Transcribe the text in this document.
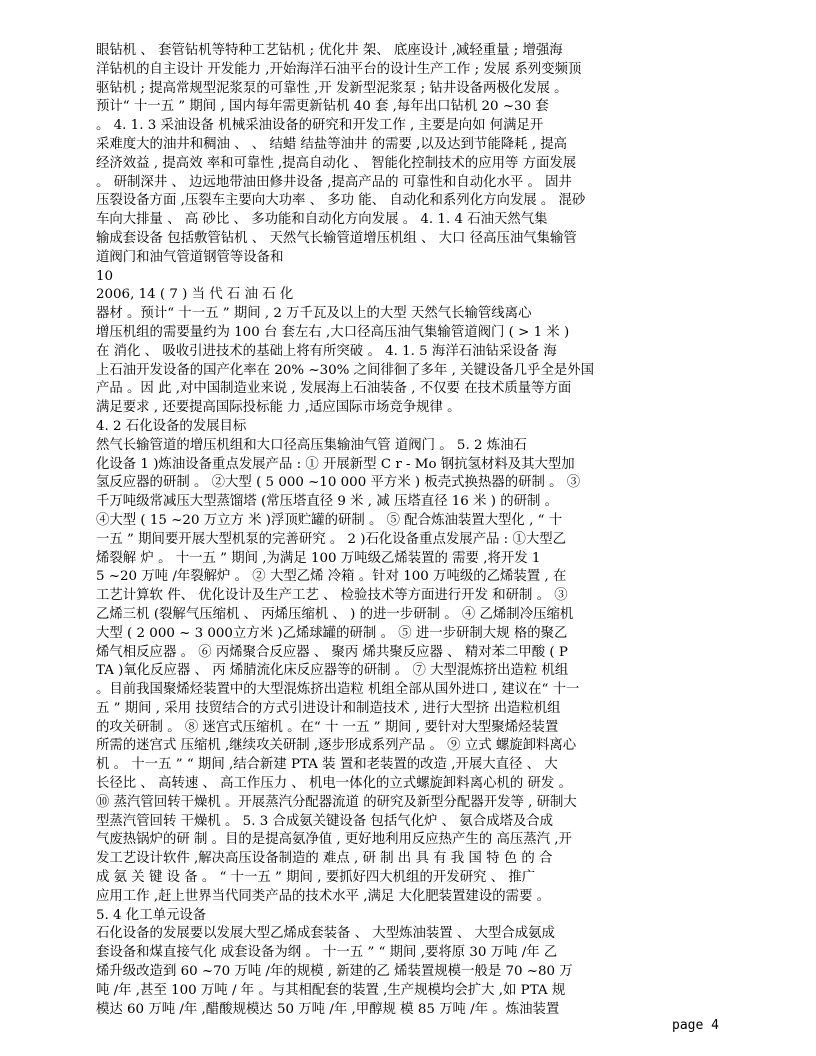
眼钻机 、 套管钻机等特种工艺钻机 ; 优化井 架、 底座设计 ,减轻重量 ; 增强海
洋钻机的自主设计 开发能力 ,开始海洋石油平台的设计生产工作 ; 发展 系列变频顶
驱钻机 ; 提高常规型泥浆泵的可靠性 ,开 发新型泥浆泵 ; 钻井设备两极化发展 。
预计“ 十一五 ” 期间 , 国内每年需更新钻机 40 套 ,每年出口钻机 20 ~30 套
。 4. 1. 3 采油设备 机械采油设备的研究和开发工作 , 主要是向如 何满足开
采难度大的油井和稠油 、 、 结蜡 结盐等油井 的需要 ,以及达到节能降耗 , 提高
经济效益 , 提高效 率和可靠性 ,提高自动化 、 智能化控制技术的应用等 方面发展
。 研制深井 、 边远地带油田修井设备 ,提高产品的 可靠性和自动化水平 。 固井
压裂设备方面 ,压裂车主要向大功率 、 多功 能、 自动化和系列化方向发展 。 混砂
车向大排量 、 高 砂比 、 多功能和自动化方向发展 。 4. 1. 4 石油天然气集
输成套设备 包括敷管钻机 、 天然气长输管道增压机组 、 大口 径高压油气集输管
道阀门和油气管道钢管等设备和
10
2006, 14 ( 7 ) 当 代 石 油 石 化
器材 。预计“ 十一五 ” 期间 , 2 万千瓦及以上的大型 天然气长输管线离心
增压机组的需要量约为 100 台 套左右 ,大口径高压油气集输管道阀门 ( > 1 米 )
在 消化 、 吸收引进技术的基础上将有所突破 。 4. 1. 5 海洋石油钻采设备 海
上石油开发设备的国产化率在 20% ~30% 之间徘徊了多年 , 关键设备几乎全是外国
产品 。因 此 ,对中国制造业来说 , 发展海上石油装备 , 不仅要 在技术质量等方面
满足要求 , 还要提高国际投标能 力 ,适应国际市场竞争规律 。
4. 2 石化设备的发展目标
然气长输管道的增压机组和大口径高压集输油气管 道阀门 。 5. 2 炼油石
化设备 1 )炼油设备重点发展产品 : ① 开展新型 C r - Mo 钢抗氢材料及其大型加
氢反应器的研制 。 ②大型 ( 5 000 ~10 000 平方米 ) 板壳式换热器的研制 。 ③
千万吨级常减压大型蒸馏塔 (常压塔直径 9 米 , 减 压塔直径 16 米 ) 的研制 。
④大型 ( 15 ~20 万立方 米 )浮顶贮罐的研制 。 ⑤ 配合炼油装置大型化 , “ 十
一五 ” 期间要开展大型机泵的完善研究 。 2 )石化设备重点发展产品 : ①大型乙
烯裂解 炉 。 十一五 ” 期间 ,为满足 100 万吨级乙烯装置的 需要 ,将开发 1
5 ~20 万吨 /年裂解炉 。 ② 大型乙烯 冷箱 。针对 100 万吨级的乙烯装置 , 在
工艺计算软 件、 优化设计及生产工艺 、 检验技术等方面进行开发 和研制 。 ③
乙烯三机 (裂解气压缩机 、 丙烯压缩机 、 ) 的进一步研制 。 ④ 乙烯制冷压缩机
大型 ( 2 000 ~ 3 000立方米 )乙烯球罐的研制 。 ⑤ 进一步研制大规 格的聚乙
烯气相反应器 。 ⑥ 丙烯聚合反应器 、 聚丙 烯共聚反应器 、 精对苯二甲酸 ( P
TA )氧化反应器 、 丙 烯腈流化床反应器等的研制 。 ⑦ 大型混炼挤出造粒 机组
。目前我国聚烯烃装置中的大型混炼挤出造粒 机组全部从国外进口 , 建议在“ 十一
五 ” 期间 , 采用 技贸结合的方式引进设计和制造技术 , 进行大型挤 出造粒机组
的攻关研制 。 ⑧ 迷宫式压缩机 。在“ 十 一五 ” 期间 , 要针对大型聚烯烃装置
所需的迷宫式 压缩机 ,继续攻关研制 ,逐步形成系列产品 。 ⑨ 立式 螺旋卸料离心
机 。 十一五 ” “ 期间 ,结合新建 PTA 装 置和老装置的改造 ,开展大直径 、 大
长径比 、 高转速 、 高工作压力 、 机电一体化的立式螺旋卸料离心机的 研发 。
⑩ 蒸汽管回转干燥机 。开展蒸汽分配器流道 的研究及新型分配器开发等 , 研制大
型蒸汽管回转 干燥机 。 5. 3 合成氨关键设备 包括气化炉 、 氨合成塔及合成
气废热锅炉的研 制 。目的是提高氨净值 , 更好地利用反应热产生的 高压蒸汽 ,开
发工艺设计软件 ,解决高压设备制造的 难点 , 研 制 出 具 有 我 国 特 色 的 合
成 氨 关 键 设 备 。 “ 十一五 ” 期间 , 要抓好四大机组的开发研究 、 推广
应用工作 ,赶上世界当代同类产品的技术水平 ,满足 大化肥装置建设的需要 。
5. 4 化工单元设备
石化设备的发展要以发展大型乙烯成套装备 、 大型炼油装置 、 大型合成氨成
套设备和煤直接气化 成套设备为纲 。 十一五 ” “ 期间 ,要将原 30 万吨 /年 乙
烯升级改造到 60 ~70 万吨 /年的规模 , 新建的乙 烯装置规模一般是 70 ~80 万
吨 /年 ,甚至 100 万吨 / 年 。与其相配套的装置 ,生产规模均会扩大 ,如 PTA 规
模达 60 万吨 /年 ,醋酸规模达 50 万吨 /年 ,甲醇规 模 85 万吨 /年 。炼油装置
page 4
